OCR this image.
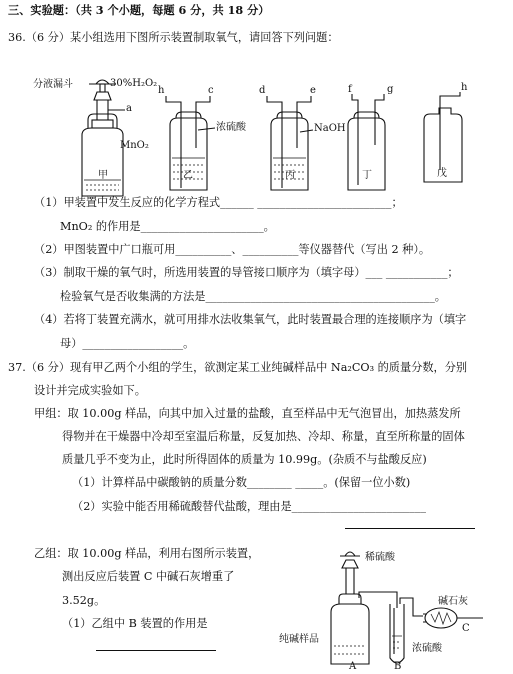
三、实验题：（共 3 个小题，每题 6 分，共 18 分）
36.（6 分）某小组选用下图所示装置制取氧气，请回答下列问题：
分液漏斗	30%H₂O₂
a
MnO₂
h	c
浓硫酸
d	e
NaOH
f	g	h
甲	乙	丙	丁	戊
（1）甲装置中发生反应的化学方程式______ ________________________；
MnO₂ 的作用是______________________。
（2）甲图装置中广口瓶可用__________、__________等仪器替代（写出 2 种）。
（3）制取干燥的氧气时，所选用装置的导管接口顺序为（填字母）___ ___________；
检验氧气是否收集满的方法是_________________________________________。
（4）若将丁装置充满水，就可用排水法收集氧气，此时装置最合理的连接顺序为（填字
母）__________________。
37.（6 分）现有甲乙两个小组的学生，欲测定某工业纯碱样品中 Na₂CO₃ 的质量分数，分别
设计并完成实验如下。
甲组：取 10.00g 样品，向其中加入过量的盐酸，直至样品中无气泡冒出，加热蒸发所
得物并在干燥器中冷却至室温后称量，反复加热、冷却、称量，直至所称量的固体
质量几乎不变为止，此时所得固体的质量为 10.99g。(杂质不与盐酸反应)
（1）计算样品中碳酸钠的质量分数________ _____。(保留一位小数)
（2）实验中能否用稀硫酸替代盐酸，理由是________________________
乙组：取 10.00g 样品，利用右图所示装置，
测出反应后装置 C 中碱石灰增重了
3.52g。
（1）乙组中 B 装置的作用是
稀硫酸
碱石灰
C
纯碱样品
浓硫酸
A	B
